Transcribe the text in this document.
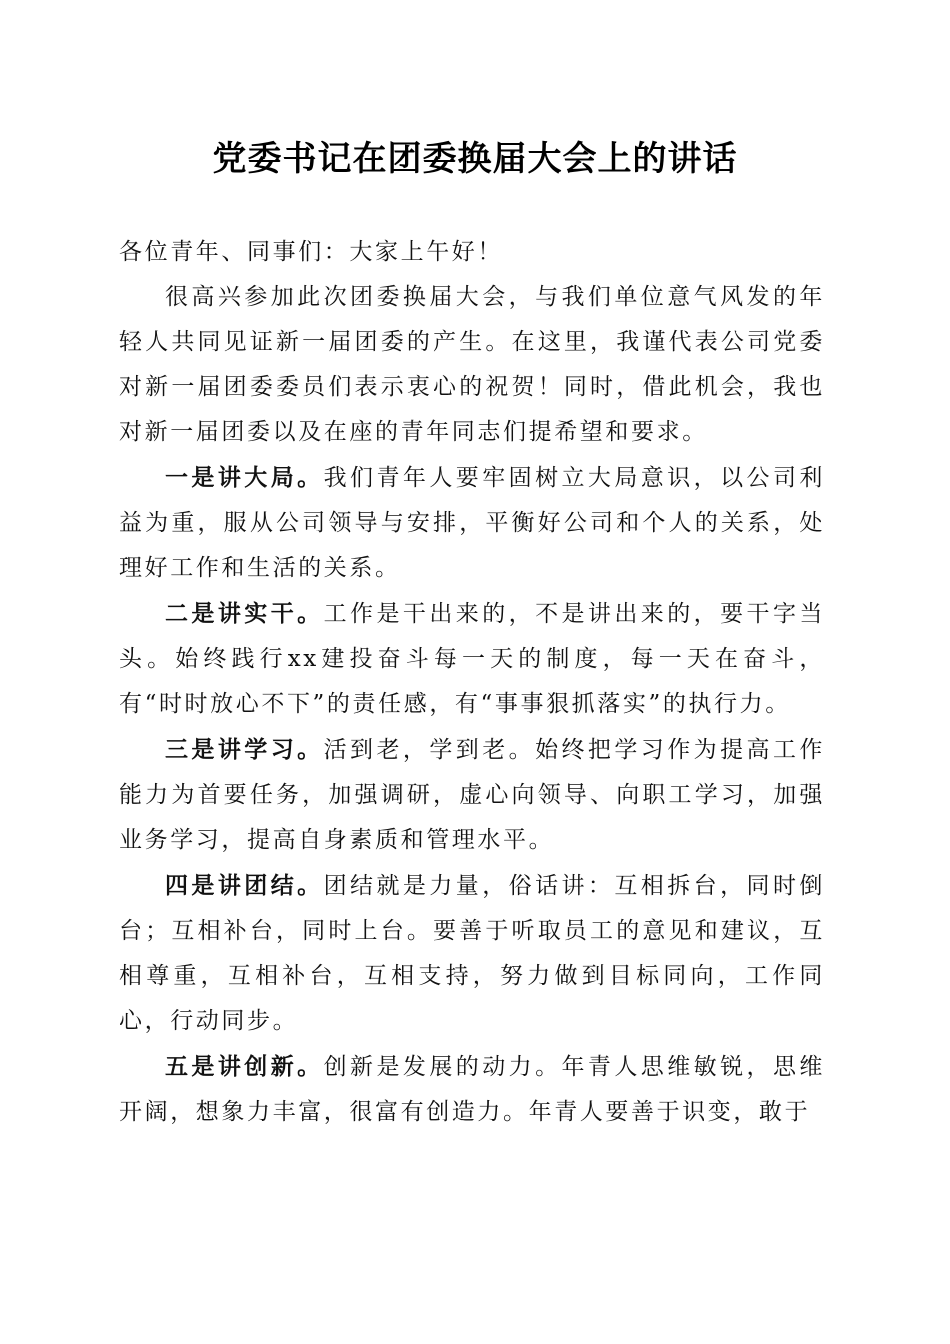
党委书记在团委换届大会上的讲话

各位青年、同事们：大家上午好！

很高兴参加此次团委换届大会，与我们单位意气风发的年轻人共同见证新一届团委的产生。在这里，我谨代表公司党委对新一届团委委员们表示衷心的祝贺！同时，借此机会，我也对新一届团委以及在座的青年同志们提希望和要求。

一是讲大局。我们青年人要牢固树立大局意识，以公司利益为重，服从公司领导与安排，平衡好公司和个人的关系，处理好工作和生活的关系。

二是讲实干。工作是干出来的，不是讲出来的，要干字当头。始终践行xx建投奋斗每一天的制度，每一天在奋斗，有“时时放心不下”的责任感，有“事事狠抓落实”的执行力。

三是讲学习。活到老，学到老。始终把学习作为提高工作能力为首要任务，加强调研，虚心向领导、向职工学习，加强业务学习，提高自身素质和管理水平。

四是讲团结。团结就是力量，俗话讲：互相拆台，同时倒台；互相补台，同时上台。要善于听取员工的意见和建议，互相尊重，互相补台，互相支持，努力做到目标同向，工作同心，行动同步。

五是讲创新。创新是发展的动力。年青人思维敏锐，思维开阔，想象力丰富，很富有创造力。年青人要善于识变，敢于
